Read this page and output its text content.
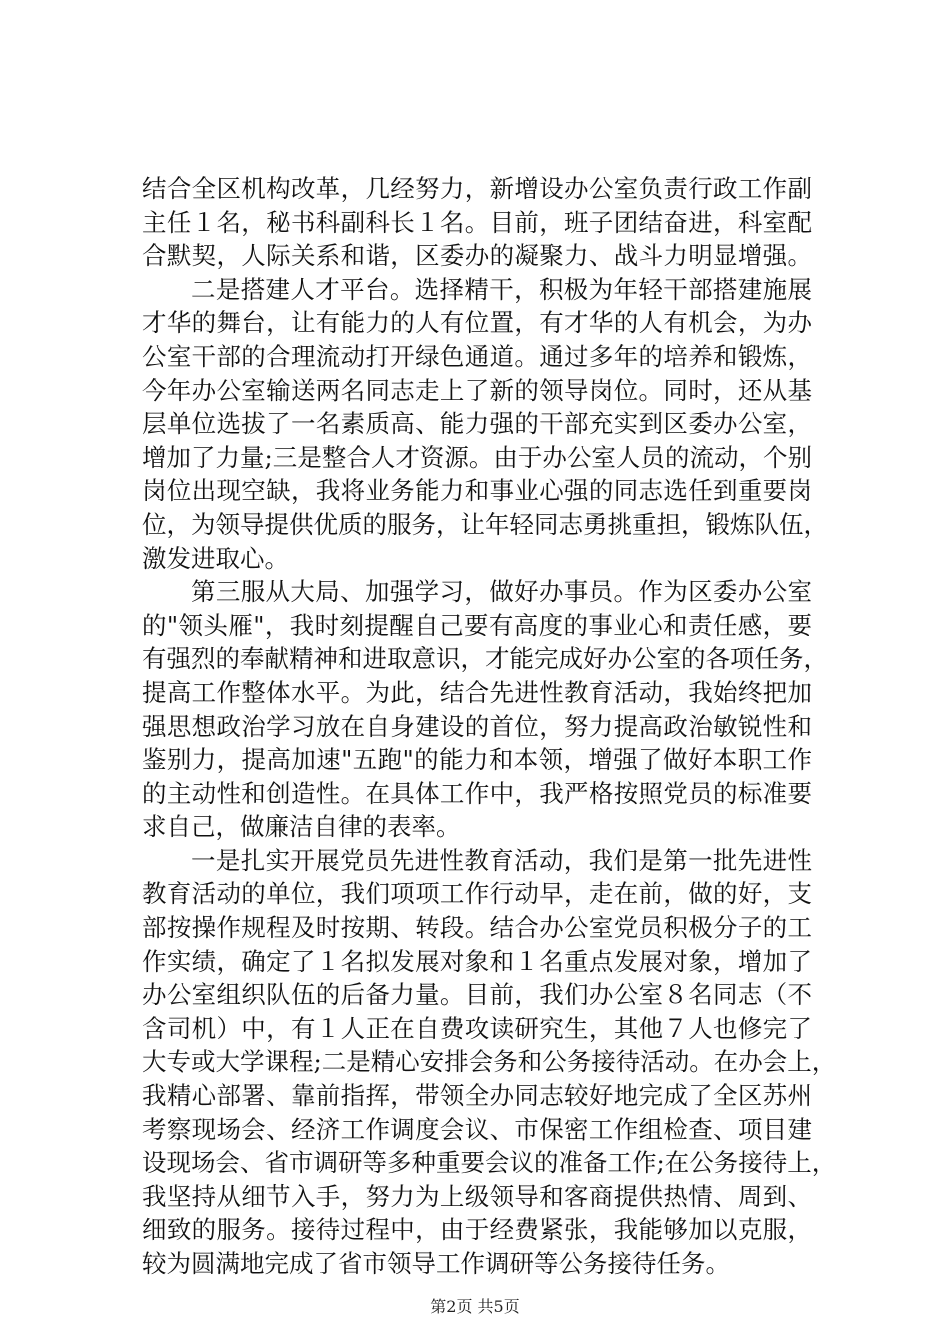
结合全区机构改革，几经努力，新增设办公室负责行政工作副
主任１名，秘书科副科长１名。目前，班子团结奋进，科室配
合默契，人际关系和谐，区委办的凝聚力、战斗力明显增强。
二是搭建人才平台。选择精干，积极为年轻干部搭建施展
才华的舞台，让有能力的人有位置，有才华的人有机会，为办
公室干部的合理流动打开绿色通道。通过多年的培养和锻炼，
今年办公室输送两名同志走上了新的领导岗位。同时，还从基
层单位选拔了一名素质高、能力强的干部充实到区委办公室，
增加了力量;三是整合人才资源。由于办公室人员的流动，个别
岗位出现空缺，我将业务能力和事业心强的同志选任到重要岗
位，为领导提供优质的服务，让年轻同志勇挑重担，锻炼队伍，
激发进取心。
第三服从大局、加强学习，做好办事员。作为区委办公室
的"领头雁"，我时刻提醒自己要有高度的事业心和责任感，要
有强烈的奉献精神和进取意识，才能完成好办公室的各项任务，
提高工作整体水平。为此，结合先进性教育活动，我始终把加
强思想政治学习放在自身建设的首位，努力提高政治敏锐性和
鉴别力，提高加速"五跑"的能力和本领，增强了做好本职工作
的主动性和创造性。在具体工作中，我严格按照党员的标准要
求自己，做廉洁自律的表率。
一是扎实开展党员先进性教育活动，我们是第一批先进性
教育活动的单位，我们项项工作行动早，走在前，做的好，支
部按操作规程及时按期、转段。结合办公室党员积极分子的工
作实绩，确定了１名拟发展对象和１名重点发展对象，增加了
办公室组织队伍的后备力量。目前，我们办公室８名同志（不
含司机）中，有１人正在自费攻读研究生，其他７人也修完了
大专或大学课程;二是精心安排会务和公务接待活动。在办会上，
我精心部署、靠前指挥，带领全办同志较好地完成了全区苏州
考察现场会、经济工作调度会议、市保密工作组检查、项目建
设现场会、省市调研等多种重要会议的准备工作;在公务接待上，
我坚持从细节入手，努力为上级领导和客商提供热情、周到、
细致的服务。接待过程中，由于经费紧张，我能够加以克服，
较为圆满地完成了省市领导工作调研等公务接待任务。
第2页 共5页
